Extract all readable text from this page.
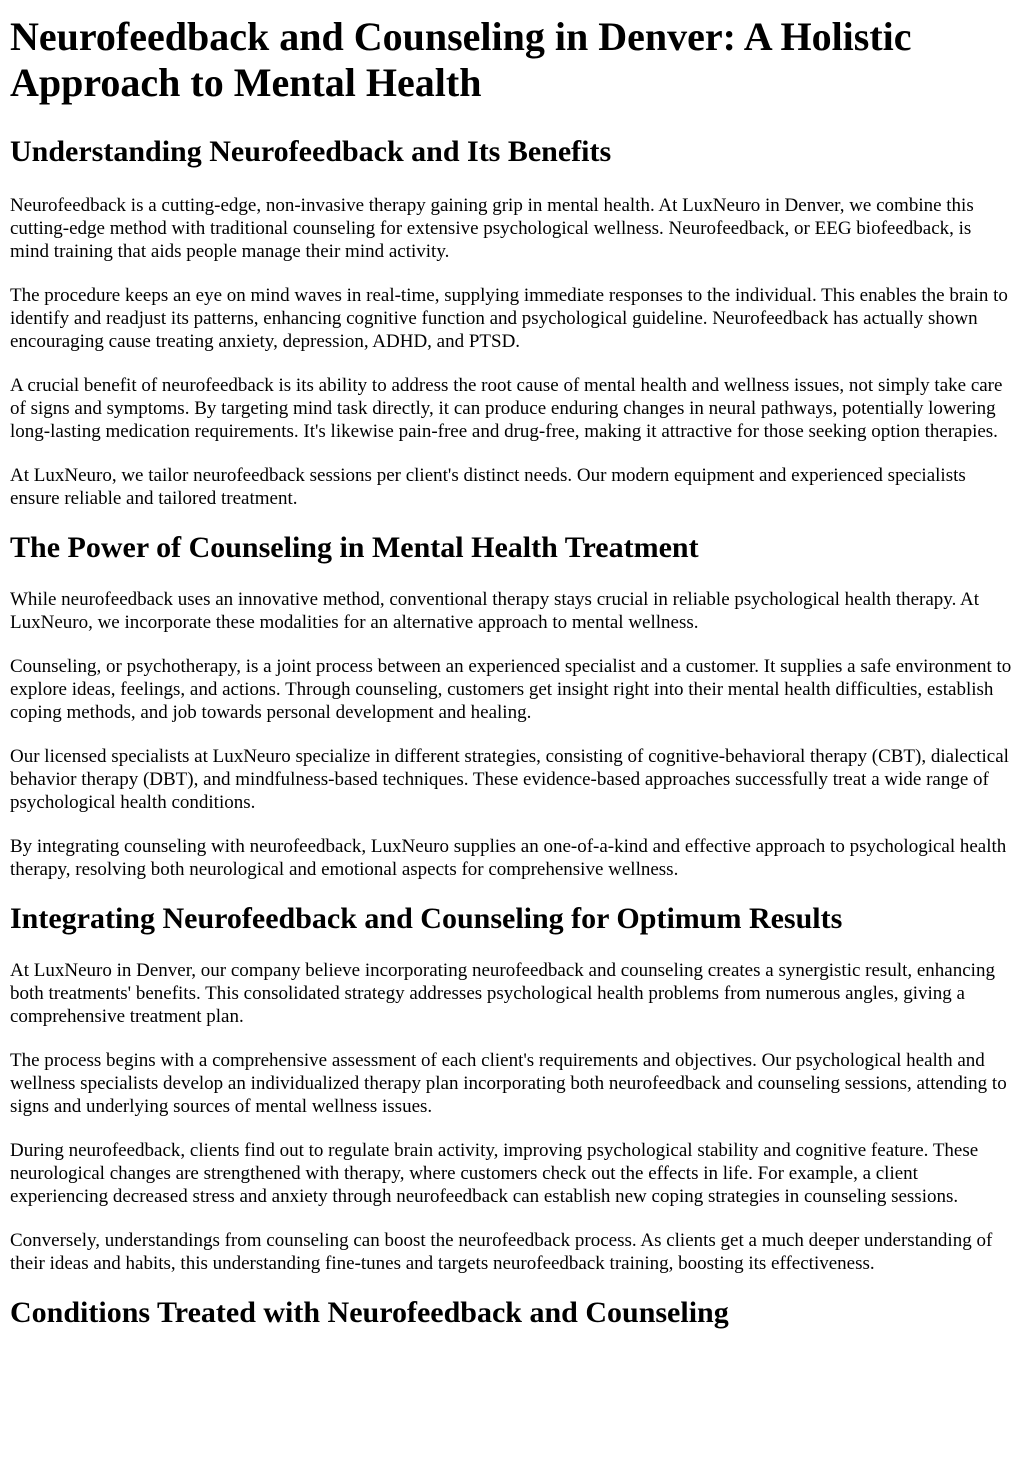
Neurofeedback and Counseling in Denver: A Holistic Approach to Mental Health
Understanding Neurofeedback and Its Benefits

Neurofeedback is a cutting-edge, non-invasive therapy gaining grip in mental health. At LuxNeuro in Denver, we combine this cutting-edge method with traditional counseling for extensive psychological wellness. Neurofeedback, or EEG biofeedback, is mind training that aids people manage their mind activity.

The procedure keeps an eye on mind waves in real-time, supplying immediate responses to the individual. This enables the brain to identify and readjust its patterns, enhancing cognitive function and psychological guideline. Neurofeedback has actually shown encouraging cause treating anxiety, depression, ADHD, and PTSD.

A crucial benefit of neurofeedback is its ability to address the root cause of mental health and wellness issues, not simply take care of signs and symptoms. By targeting mind task directly, it can produce enduring changes in neural pathways, potentially lowering long-lasting medication requirements. It's likewise pain-free and drug-free, making it attractive for those seeking option therapies.

At LuxNeuro, we tailor neurofeedback sessions per client's distinct needs. Our modern equipment and experienced specialists ensure reliable and tailored treatment.

The Power of Counseling in Mental Health Treatment

While neurofeedback uses an innovative method, conventional therapy stays crucial in reliable psychological health therapy. At LuxNeuro, we incorporate these modalities for an alternative approach to mental wellness.

Counseling, or psychotherapy, is a joint process between an experienced specialist and a customer. It supplies a safe environment to explore ideas, feelings, and actions. Through counseling, customers get insight right into their mental health difficulties, establish coping methods, and job towards personal development and healing.

Our licensed specialists at LuxNeuro specialize in different strategies, consisting of cognitive-behavioral therapy (CBT), dialectical behavior therapy (DBT), and mindfulness-based techniques. These evidence-based approaches successfully treat a wide range of psychological health conditions.

By integrating counseling with neurofeedback, LuxNeuro supplies an one-of-a-kind and effective approach to psychological health therapy, resolving both neurological and emotional aspects for comprehensive wellness.

Integrating Neurofeedback and Counseling for Optimum Results

At LuxNeuro in Denver, our company believe incorporating neurofeedback and counseling creates a synergistic result, enhancing both treatments' benefits. This consolidated strategy addresses psychological health problems from numerous angles, giving a comprehensive treatment plan.

The process begins with a comprehensive assessment of each client's requirements and objectives. Our psychological health and wellness specialists develop an individualized therapy plan incorporating both neurofeedback and counseling sessions, attending to signs and underlying sources of mental wellness issues.

During neurofeedback, clients find out to regulate brain activity, improving psychological stability and cognitive feature. These neurological changes are strengthened with therapy, where customers check out the effects in life. For example, a client experiencing decreased stress and anxiety through neurofeedback can establish new coping strategies in counseling sessions.

Conversely, understandings from counseling can boost the neurofeedback process. As clients get a much deeper understanding of their ideas and habits, this understanding fine-tunes and targets neurofeedback training, boosting its effectiveness.

Conditions Treated with Neurofeedback and Counseling
